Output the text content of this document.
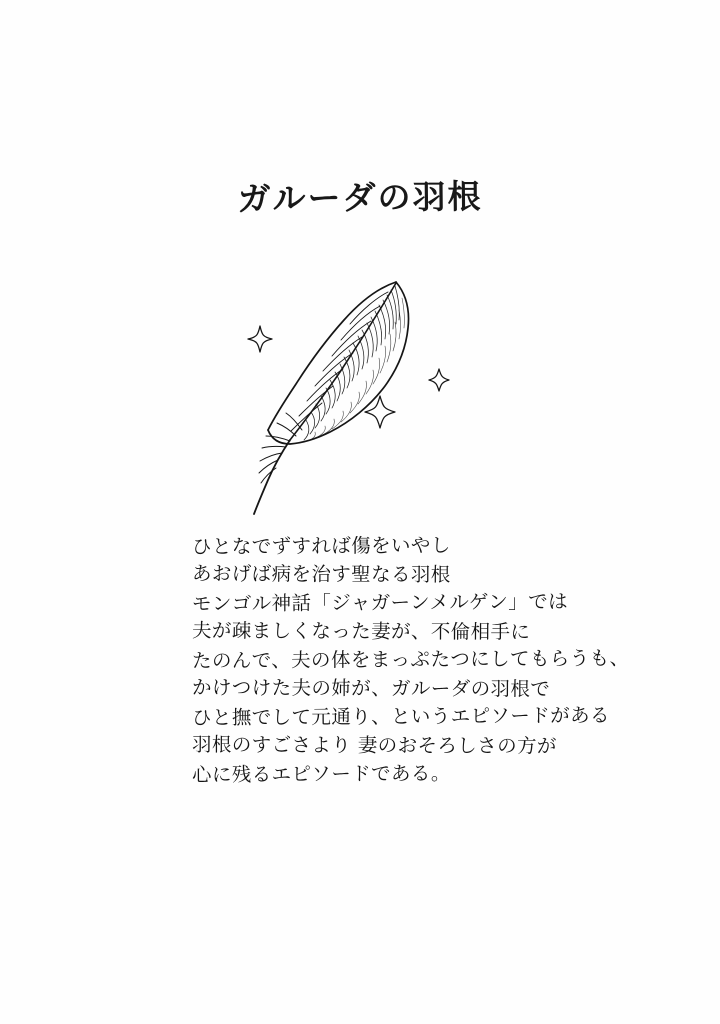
ガルーダの羽根
ひとなでずすれば傷をいやし
あおげば病を治す聖なる羽根
モンゴル神話「ジャガーンメルゲン」では
夫が疎ましくなった妻が、不倫相手に
たのんで、夫の体をまっぷたつにしてもらうも、
かけつけた夫の姉が、ガルーダの羽根で
ひと撫でして元通り、というエピソードがある
羽根のすごさより 妻のおそろしさの方が
心に残るエピソードである。
